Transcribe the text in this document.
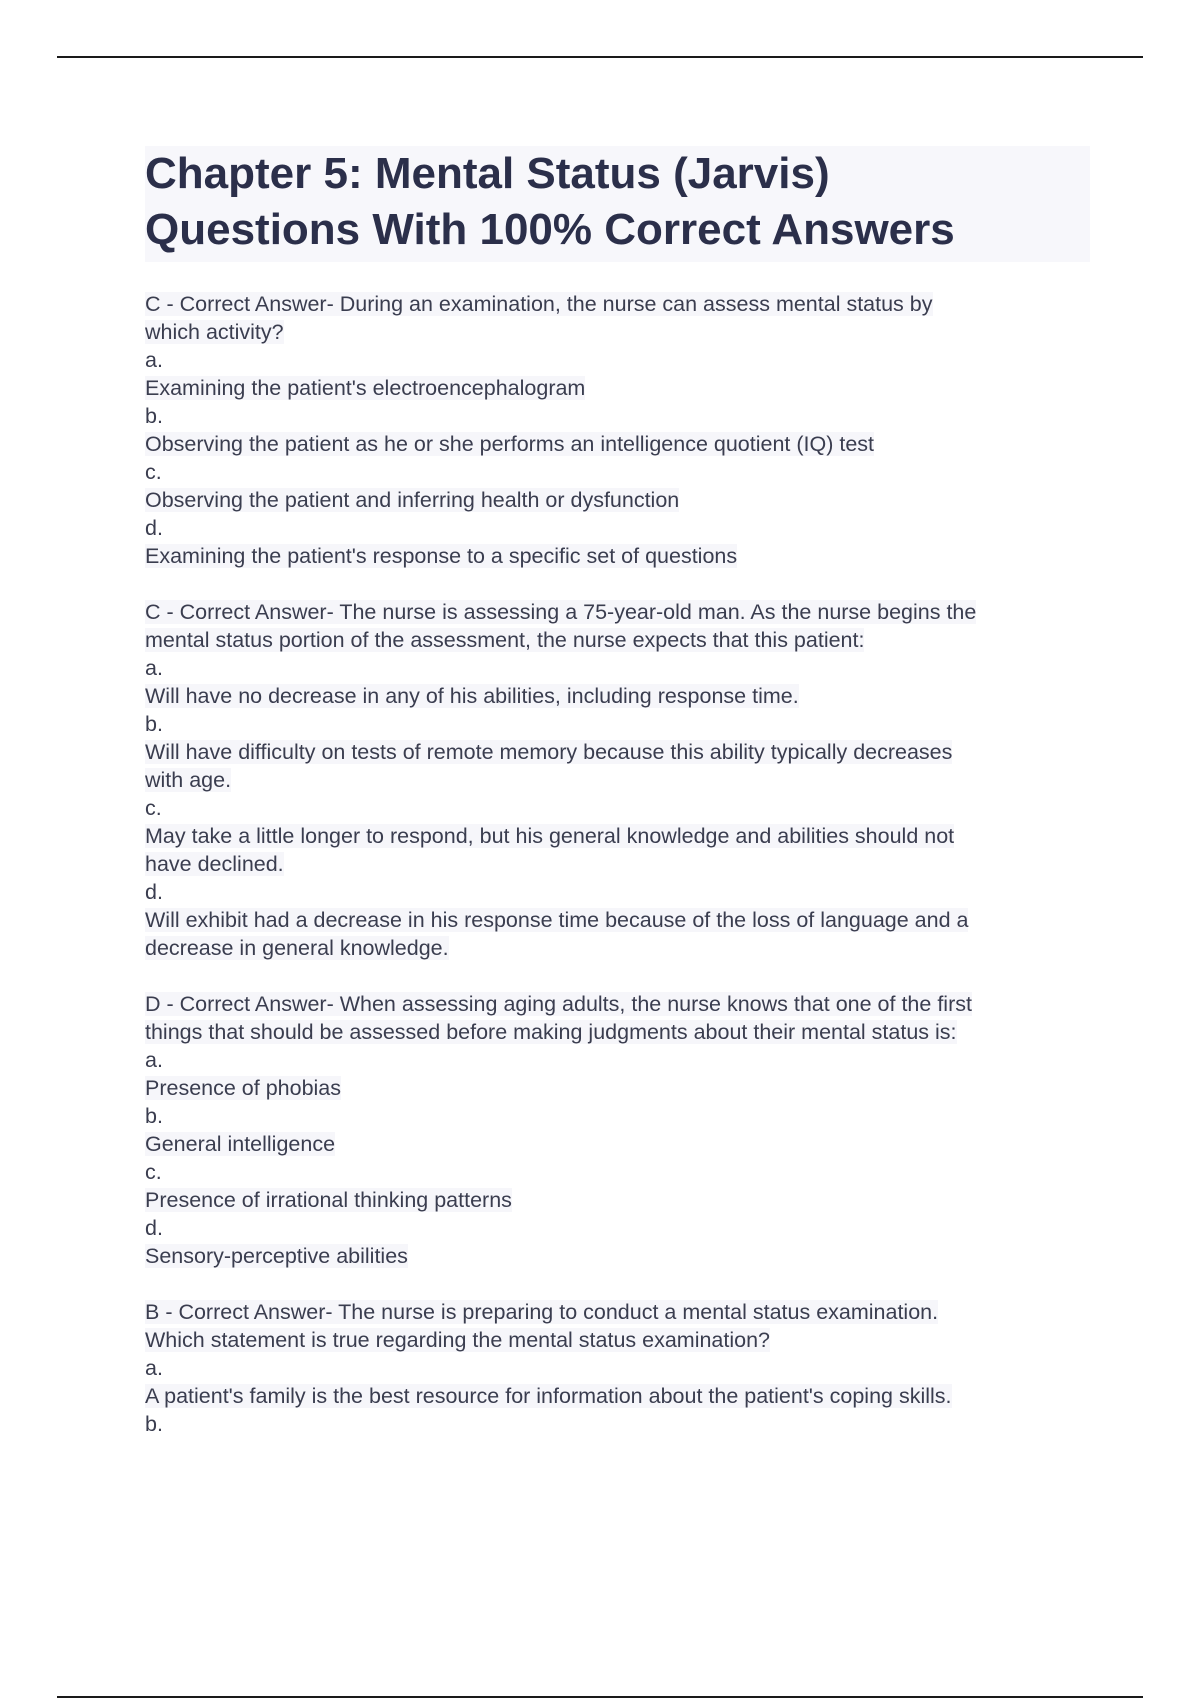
Chapter 5: Mental Status (Jarvis)
Questions With 100% Correct Answers
C - Correct Answer- During an examination, the nurse can assess mental status by
which activity?
a.
Examining the patient's electroencephalogram
b.
Observing the patient as he or she performs an intelligence quotient (IQ) test
c.
Observing the patient and inferring health or dysfunction
d.
Examining the patient's response to a specific set of questions
C - Correct Answer- The nurse is assessing a 75-year-old man. As the nurse begins the
mental status portion of the assessment, the nurse expects that this patient:
a.
Will have no decrease in any of his abilities, including response time.
b.
Will have difficulty on tests of remote memory because this ability typically decreases
with age.
c.
May take a little longer to respond, but his general knowledge and abilities should not
have declined.
d.
Will exhibit had a decrease in his response time because of the loss of language and a
decrease in general knowledge.
D - Correct Answer- When assessing aging adults, the nurse knows that one of the first
things that should be assessed before making judgments about their mental status is:
a.
Presence of phobias
b.
General intelligence
c.
Presence of irrational thinking patterns
d.
Sensory-perceptive abilities
B - Correct Answer- The nurse is preparing to conduct a mental status examination.
Which statement is true regarding the mental status examination?
a.
A patient's family is the best resource for information about the patient's coping skills.
b.
